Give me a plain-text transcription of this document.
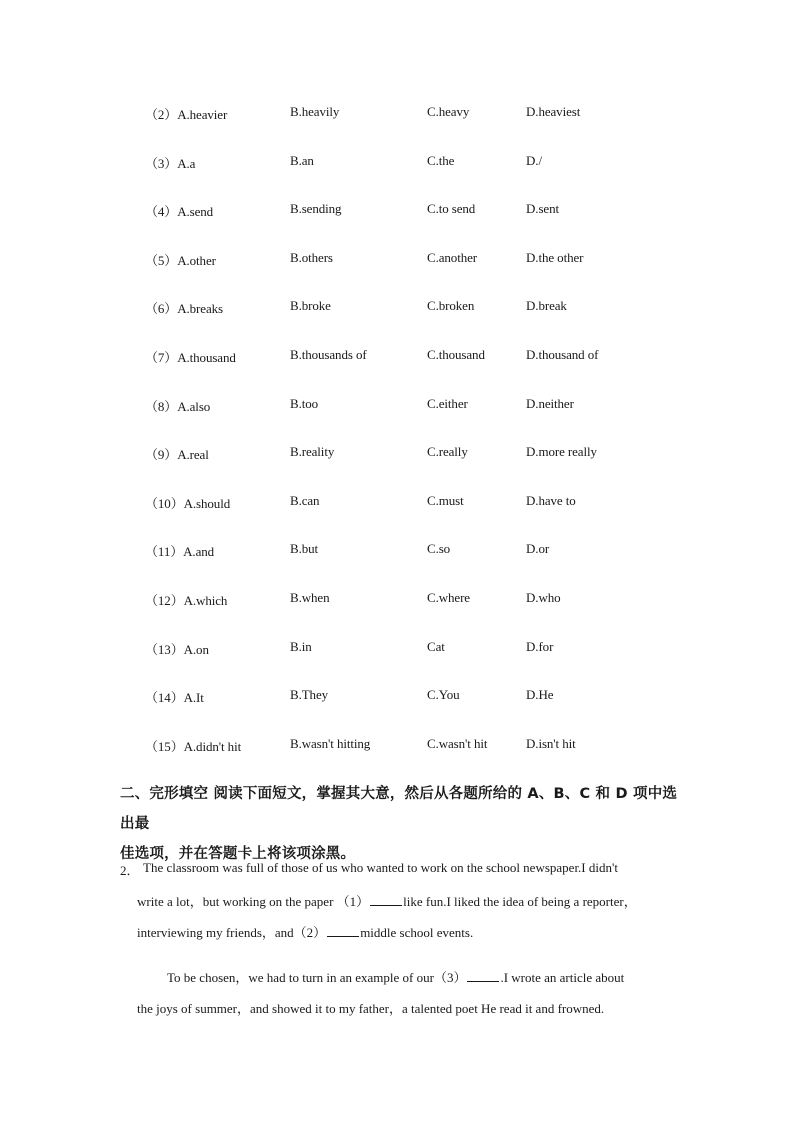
（2）A.heavier	B.heavily	C.heavy	D.heaviest
（3）A.a	B.an	C.the	D./
（4）A.send	B.sending	C.to send	D.sent
（5）A.other	B.others	C.another	D.the other
（6）A.breaks	B.broke	C.broken	D.break
（7）A.thousand	B.thousands of	C.thousand	D.thousand of
（8）A.also	B.too	C.either	D.neither
（9）A.real	B.reality	C.really	D.more really
（10）A.should	B.can	C.must	D.have to
（11）A.and	B.but	C.so	D.or
（12）A.which	B.when	C.where	D.who
（13）A.on	B.in	Cat	D.for
（14）A.It	B.They	C.You	D.He
（15）A.didn't hit	B.wasn't hitting	C.wasn't hit	D.isn't hit
二、完形填空 阅读下面短文，掌握其大意，然后从各题所给的 A、B、C 和 D 项中选出最
佳选项，并在答题卡上将该项涂黑。
2． The classroom was full of those of us who wanted to work on the school newspaper.I didn't
write a lot，but working on the paper （1）	like fun.I liked the idea of being a reporter，
interviewing my friends，and（2）	middle school events.
To be chosen，we had to turn in an example of our（3）	.I wrote an article about
the joys of summer，and showed it to my father，a talented poet He read it and frowned.
